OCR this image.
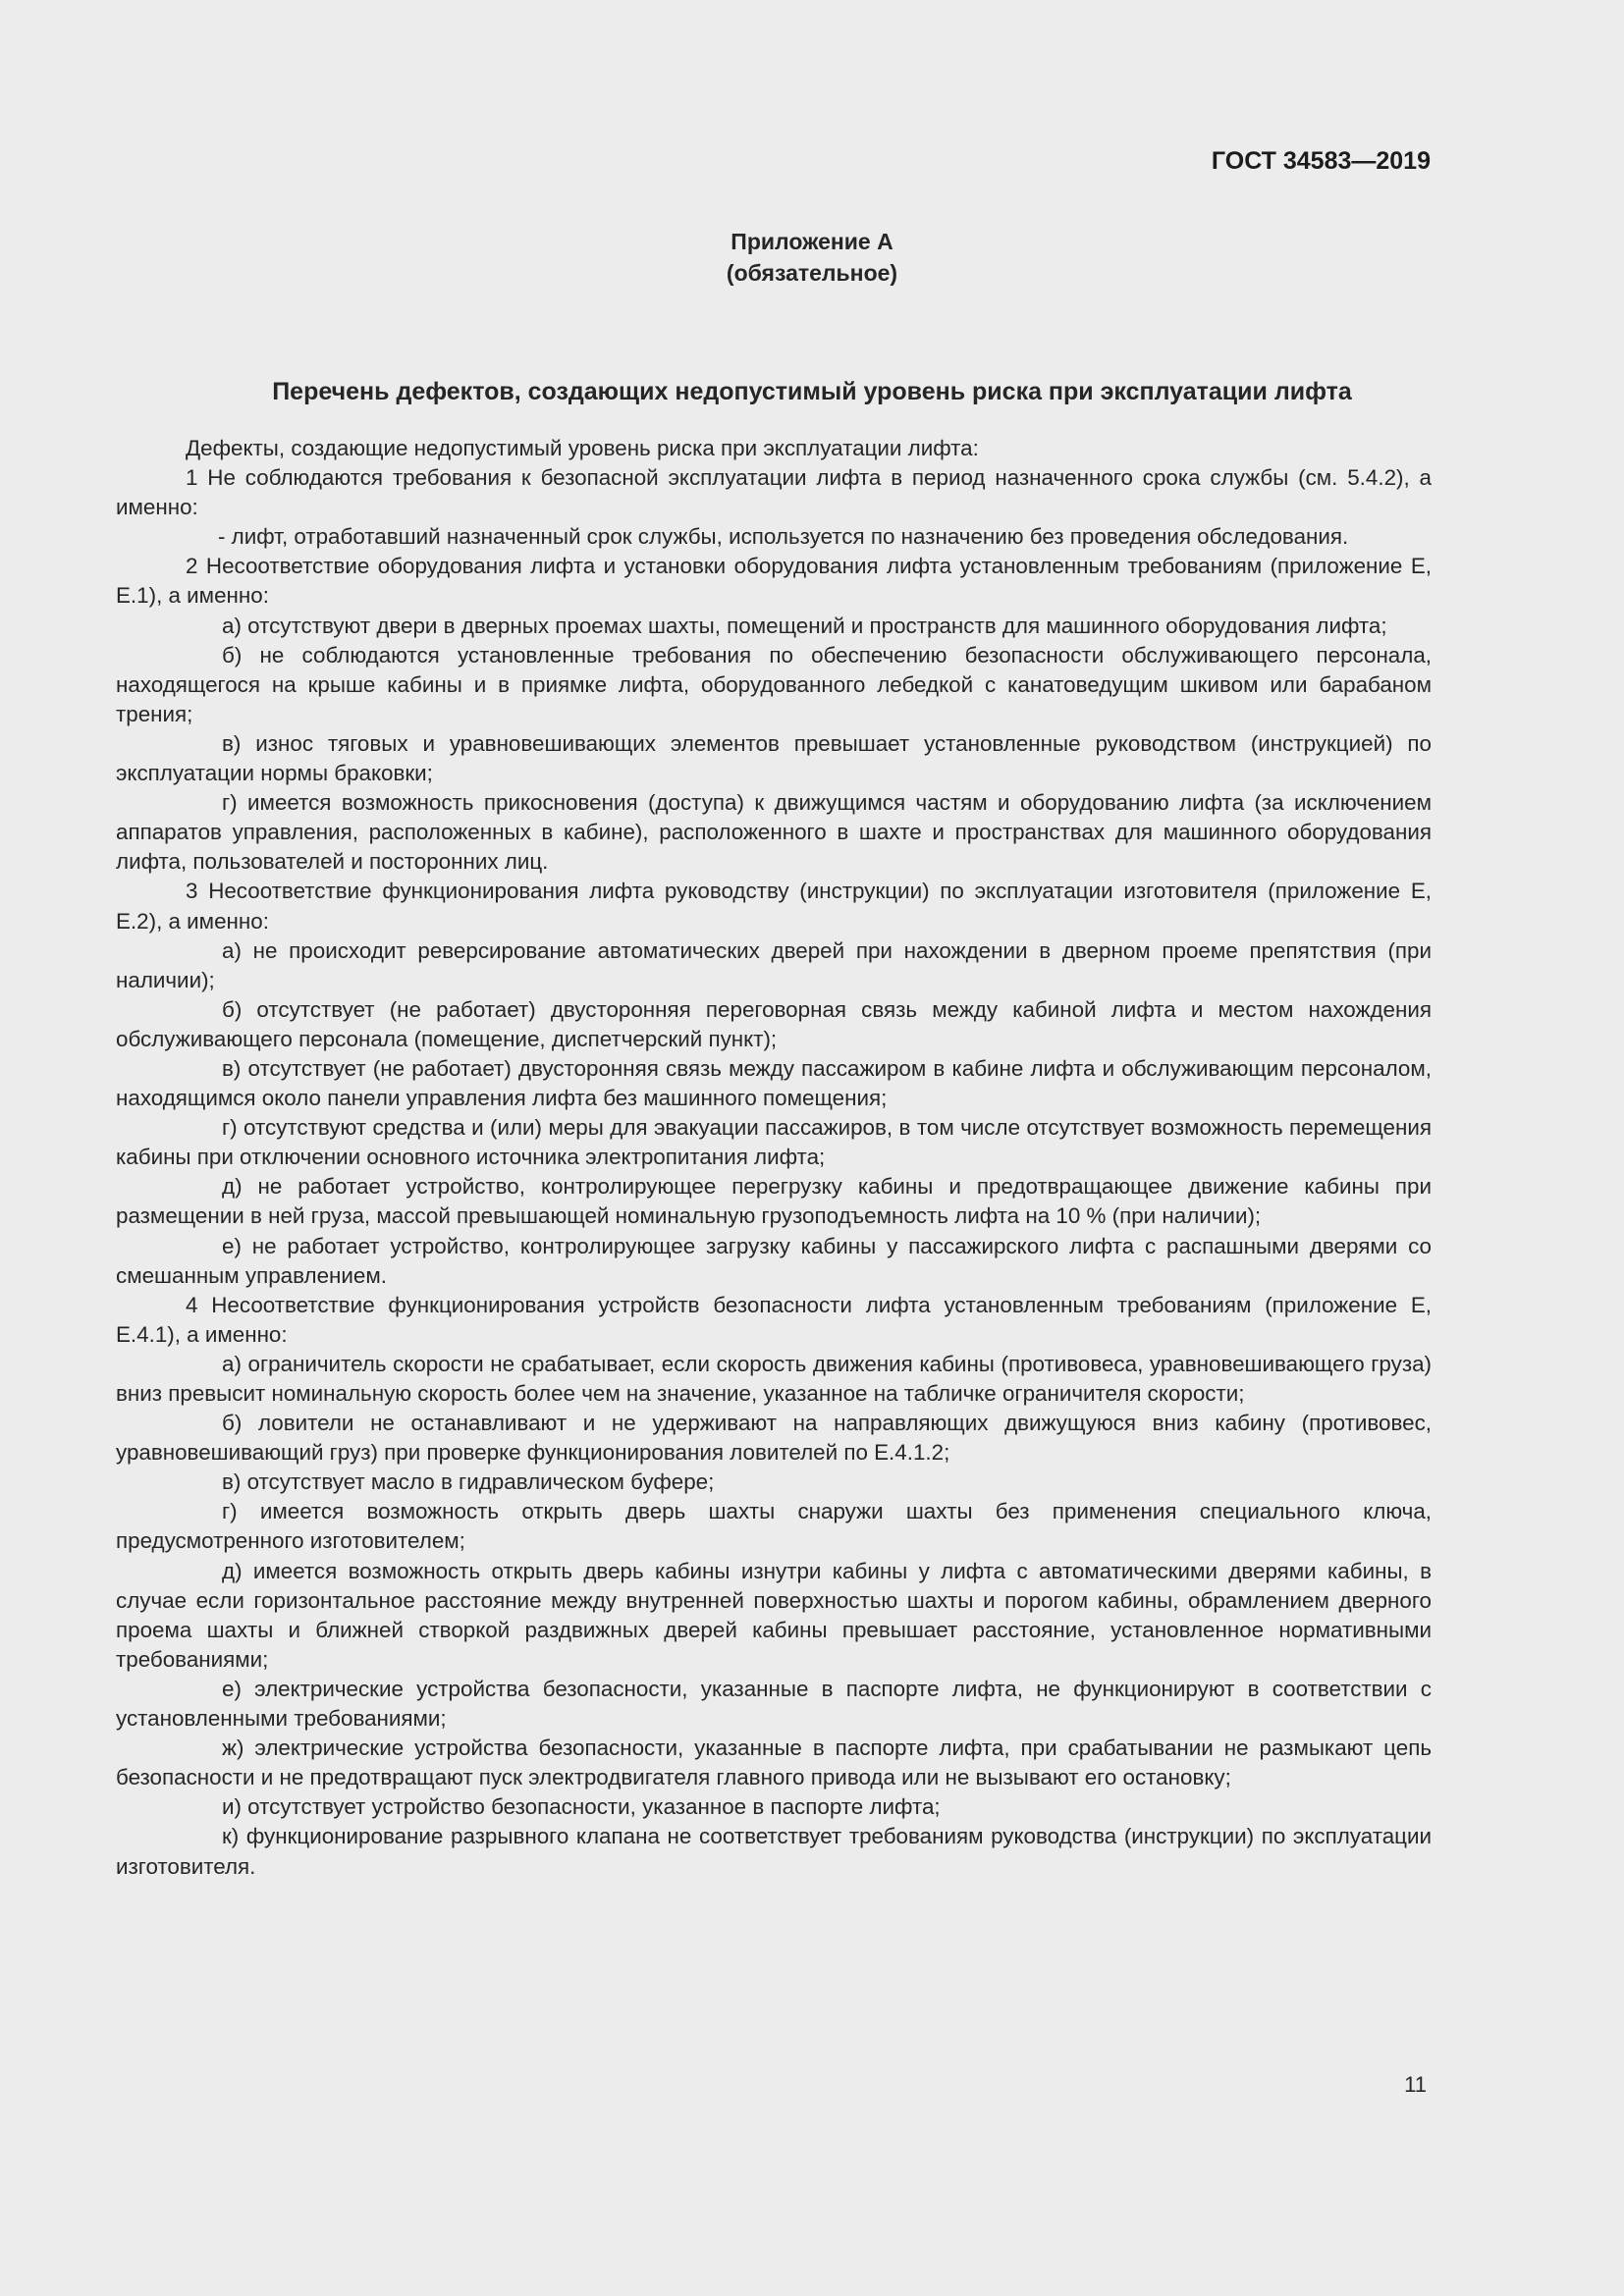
ГОСТ 34583—2019
Приложение А
(обязательное)
Перечень дефектов, создающих недопустимый уровень риска при эксплуатации лифта

Дефекты, создающие недопустимый уровень риска при эксплуатации лифта:

1 Не соблюдаются требования к безопасной эксплуатации лифта в период назначенного срока службы (см. 5.4.2), а именно:

- лифт, отработавший назначенный срок службы, используется по назначению без проведения обследования.

2 Несоответствие оборудования лифта и установки оборудования лифта установленным требованиям (приложение Е, Е.1), а именно:

а) отсутствуют двери в дверных проемах шахты, помещений и пространств для машинного оборудования лифта;

б) не соблюдаются установленные требования по обеспечению безопасности обслуживающего персонала, находящегося на крыше кабины и в приямке лифта, оборудованного лебедкой с канатоведущим шкивом или барабаном трения;

в) износ тяговых и уравновешивающих элементов превышает установленные руководством (инструкцией) по эксплуатации нормы браковки;

г) имеется возможность прикосновения (доступа) к движущимся частям и оборудованию лифта (за исключением аппаратов управления, расположенных в кабине), расположенного в шахте и пространствах для машинного оборудования лифта, пользователей и посторонних лиц.

3 Несоответствие функционирования лифта руководству (инструкции) по эксплуатации изготовителя (приложение Е, Е.2), а именно:

а) не происходит реверсирование автоматических дверей при нахождении в дверном проеме препятствия (при наличии);

б) отсутствует (не работает) двусторонняя переговорная связь между кабиной лифта и местом нахождения обслуживающего персонала (помещение, диспетчерский пункт);

в) отсутствует (не работает) двусторонняя связь между пассажиром в кабине лифта и обслуживающим персоналом, находящимся около панели управления лифта без машинного помещения;

г) отсутствуют средства и (или) меры для эвакуации пассажиров, в том числе отсутствует возможность перемещения кабины при отключении основного источника электропитания лифта;

д) не работает устройство, контролирующее перегрузку кабины и предотвращающее движение кабины при размещении в ней груза, массой превышающей номинальную грузоподъемность лифта на 10 % (при наличии);

е) не работает устройство, контролирующее загрузку кабины у пассажирского лифта с распашными дверями со смешанным управлением.

4 Несоответствие функционирования устройств безопасности лифта установленным требованиям (приложение Е, Е.4.1), а именно:

а) ограничитель скорости не срабатывает, если скорость движения кабины (противовеса, уравновешивающего груза) вниз превысит номинальную скорость более чем на значение, указанное на табличке ограничителя скорости;

б) ловители не останавливают и не удерживают на направляющих движущуюся вниз кабину (противовес, уравновешивающий груз) при проверке функционирования ловителей по Е.4.1.2;

в) отсутствует масло в гидравлическом буфере;

г) имеется возможность открыть дверь шахты снаружи шахты без применения специального ключа, предусмотренного изготовителем;

д) имеется возможность открыть дверь кабины изнутри кабины у лифта с автоматическими дверями кабины, в случае если горизонтальное расстояние между внутренней поверхностью шахты и порогом кабины, обрамлением дверного проема шахты и ближней створкой раздвижных дверей кабины превышает расстояние, установленное нормативными требованиями;

е) электрические устройства безопасности, указанные в паспорте лифта, не функционируют в соответствии с установленными требованиями;

ж) электрические устройства безопасности, указанные в паспорте лифта, при срабатывании не размыкают цепь безопасности и не предотвращают пуск электродвигателя главного привода или не вызывают его остановку;

и) отсутствует устройство безопасности, указанное в паспорте лифта;

к) функционирование разрывного клапана не соответствует требованиям руководства (инструкции) по эксплуатации изготовителя.

11
